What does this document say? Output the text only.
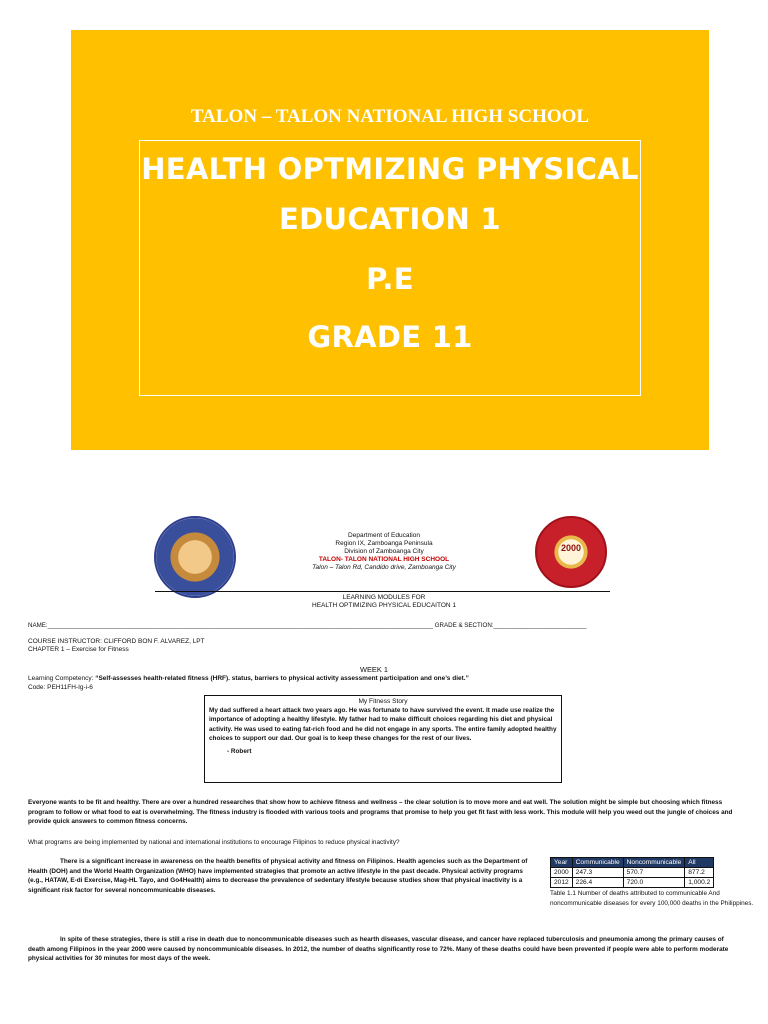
TALON – TALON NATIONAL HIGH SCHOOL
HEALTH OPTMIZING PHYSICAL
EDUCATION 1
P.E
GRADE 11
2000
Department of Education
Region IX, Zamboanga Peninsula
Division of Zamboanga City
TALON- TALON NATIONAL HIGH SCHOOL
Talon – Talon Rd, Candido drive, Zamboanga City
LEARNING MODULES FOR
HEALTH OPTIMIZING PHYSICAL EDUCAITON 1
NAME:________________________________________________________________________________________________________________ GRADE & SECTION:___________________________
COURSE INSTRUCTOR: CLIFFORD BON F. ALVAREZ, LPT
CHAPTER 1 – Exercise for Fitness
WEEK 1
Learning Competency: “Self-assesses health-related fitness (HRF). status, barriers to physical activity assessment participation and one’s diet.”
Code: PEH11FH-Ig-i-6
My Fitness Story
My dad suffered a heart attack two years ago. He was fortunate to have survived the event. It made use realize the importance of adopting a healthy lifestyle. My father had to make difficult choices regarding his diet and physical activity. He was used to eating fat-rich food and he did not engage in any sports. The entire family adopted healthy choices to support our dad. Our goal is to keep these changes for the rest of our lives.
- Robert
Everyone wants to be fit and healthy. There are over a hundred researches that show how to achieve fitness and wellness – the clear solution is to move more and eat well. The solution might be simple but choosing which fitness program to follow or what food to eat is overwhelming. The fitness industry is flooded with various tools and programs that promise to help you get fit fast with less work. This module will help you weed out the jungle of choices and provide quick answers to common fitness concerns.
What programs are being implemented by national and international institutions to encourage Filipinos to reduce physical inactivity?
There is a significant increase in awareness on the health benefits of physical activity and fitness on Filipinos. Health agencies such as the Department of Health (DOH) and the World Health Organization (WHO) have implemented strategies that promote an active lifestyle in the past decade. Physical activity programs (e.g., HATAW, E-di Exercise, Mag-HL Tayo, and Go4Health) aims to decrease the prevalence of sedentary lifestyle because studies show that physical inactivity is a significant risk factor for several noncommunicable diseases.
Year	Communicable	Noncommunicable	All
2000	247.3	570.7	877.2
2012	226.4	720.0	1,000.2
Table 1.1 Number of deaths attributed to communicable And noncommunicable diseases for every 100,000 deaths in the Philippines.
In spite of these strategies, there is still a rise in death due to noncommunicable diseases such as hearth diseases, vascular disease, and cancer have replaced tuberculosis and pneumonia among the primary causes of death among Filipinos in the year 2000 were caused by noncommunicable diseases. In 2012, the number of deaths significantly rose to 72%. Many of these deaths could have been prevented if people were able to perform moderate physical activities for 30 minutes for most days of the week.
